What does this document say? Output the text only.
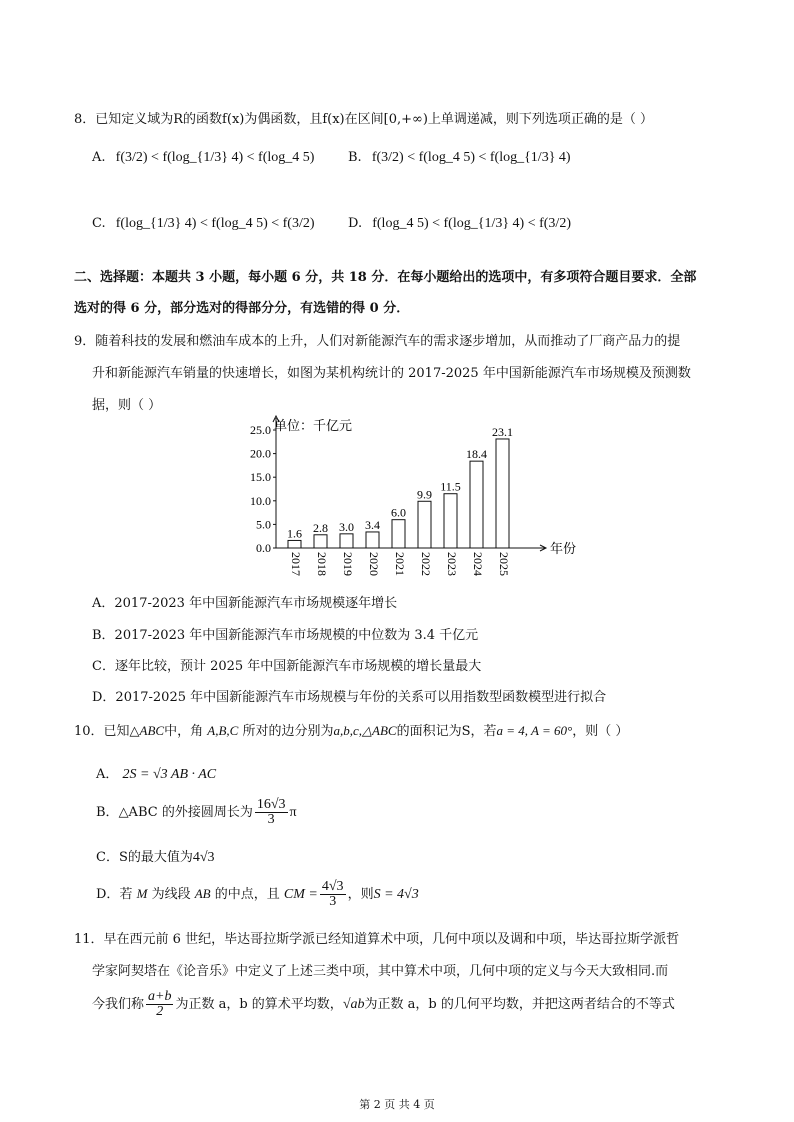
8．已知定义域为R的函数f(x)为偶函数，且f(x)在区间[0,+∞)上单调递减，则下列选项正确的是（ ）
A. f(3/2) < f(log_{1/3} 4) < f(log_4 5)	B. f(3/2) < f(log_4 5) < f(log_{1/3} 4)
C. f(log_{1/3} 4) < f(log_4 5) < f(3/2)	D. f(log_4 5) < f(log_{1/3} 4) < f(3/2)
二、选择题：本题共 3 小题，每小题 6 分，共 18 分．在每小题给出的选项中，有多项符合题目要求．全部
选对的得 6 分，部分选对的得部分分，有选错的得 0 分．
9．随着科技的发展和燃油车成本的上升，人们对新能源汽车的需求逐步增加，从而推动了厂商产品力的提
升和新能源汽车销量的快速增长，如图为某机构统计的 2017-2025 年中国新能源汽车市场规模及预测数
据，则（ ）
单位：千亿元
年份
0.0
5.0
10.0
15.0
20.0
25.0
1.6
2017
2.8
2018
3.0
2019
3.4
2020
6.0
2021
9.9
2022
11.5
2023
18.4
2024
23.1
2025
A．2017-2023 年中国新能源汽车市场规模逐年增长
B．2017-2023 年中国新能源汽车市场规模的中位数为 3.4 千亿元
C．逐年比较，预计 2025 年中国新能源汽车市场规模的增长量最大
D．2017-2025 年中国新能源汽车市场规模与年份的关系可以用指数型函数模型进行拟合
10．已知△ABC中，角 A,B,C 所对的边分别为a,b,c,△ABC的面积记为S，若a = 4, A = 60°，则（ ）
A． 2S = √3 AB · AC
B．△ABC 的外接圆周长为 $\frac{16√3}{3}$ π
C．S的最大值为4√3
D．若 M 为线段 AB 的中点，且 CM = $\frac{4√3}{3}$ ，则S = 4√3
11．早在西元前 6 世纪，毕达哥拉斯学派已经知道算术中项，几何中项以及调和中项，毕达哥拉斯学派哲
学家阿契塔在《论音乐》中定义了上述三类中项，其中算术中项，几何中项的定义与今天大致相同.而
今我们称 $\frac{a+b}{2}$ 为正数 a，b 的算术平均数，√ab为正数 a，b 的几何平均数，并把这两者结合的不等式
第 2 页 共 4 页
